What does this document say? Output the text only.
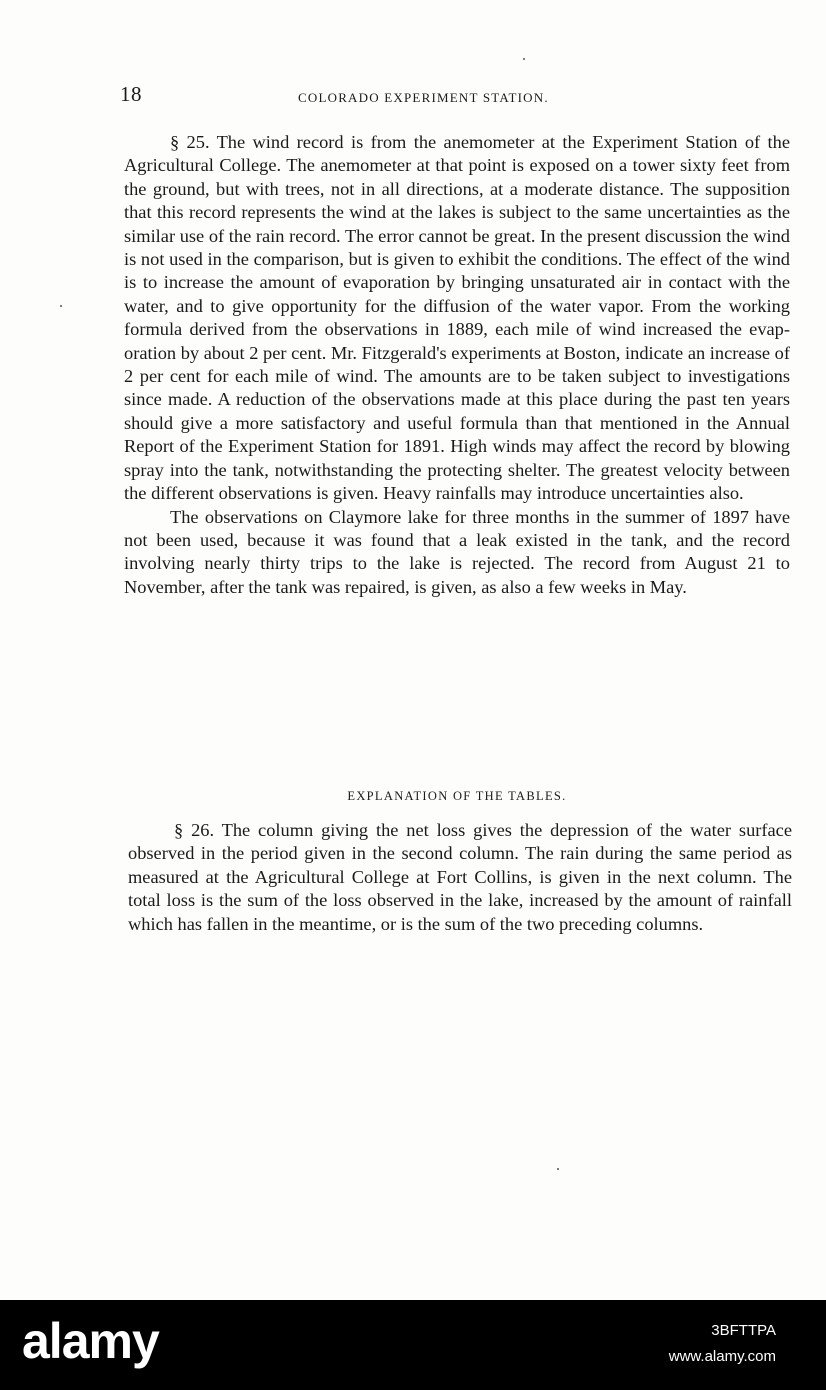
18	COLORADO EXPERIMENT STATION.

§ 25. The wind record is from the anemometer at the Experiment Station of the Agricultural College. The anemometer at that point is exposed on a tower sixty feet from the ground, but with trees, not in all directions, at a moderate distance. The supposition that this record represents the wind at the lakes is subject to the same uncertainties as the similar use of the rain record. The error cannot be great. In the present discussion the wind is not used in the comparison, but is given to exhibit the conditions. The effect of the wind is to increase the amount of evaporation by bringing unsaturated air in contact with the water, and to give opportunity for the diffusion of the water vapor. From the working formula derived from the observations in 1889, each mile of wind increased the evaporation by about 2 per cent. Mr. Fitzgerald's experiments at Boston, indicate an increase of 2 per cent for each mile of wind. The amounts are to be taken subject to investigations since made. A reduction of the observations made at this place during the past ten years should give a more satisfactory and useful formula than that mentioned in the Annual Report of the Experiment Station for 1891. High winds may affect the record by blowing spray into the tank, notwithstanding the protecting shelter. The greatest velocity between the different observations is given. Heavy rainfalls may introduce uncertainties also.

The observations on Claymore lake for three months in the summer of 1897 have not been used, because it was found that a leak existed in the tank, and the record involving nearly thirty trips to the lake is rejected. The record from August 21 to November, after the tank was repaired, is given, as also a few weeks in May.

EXPLANATION OF THE TABLES.

§ 26. The column giving the net loss gives the depression of the water surface observed in the period given in the second column. The rain during the same period as measured at the Agricultural College at Fort Collins, is given in the next column. The total loss is the sum of the loss observed in the lake, increased by the amount of rainfall which has fallen in the meantime, or is the sum of the two preceding columns.

alamy	3BFTTPA
www.alamy.com
